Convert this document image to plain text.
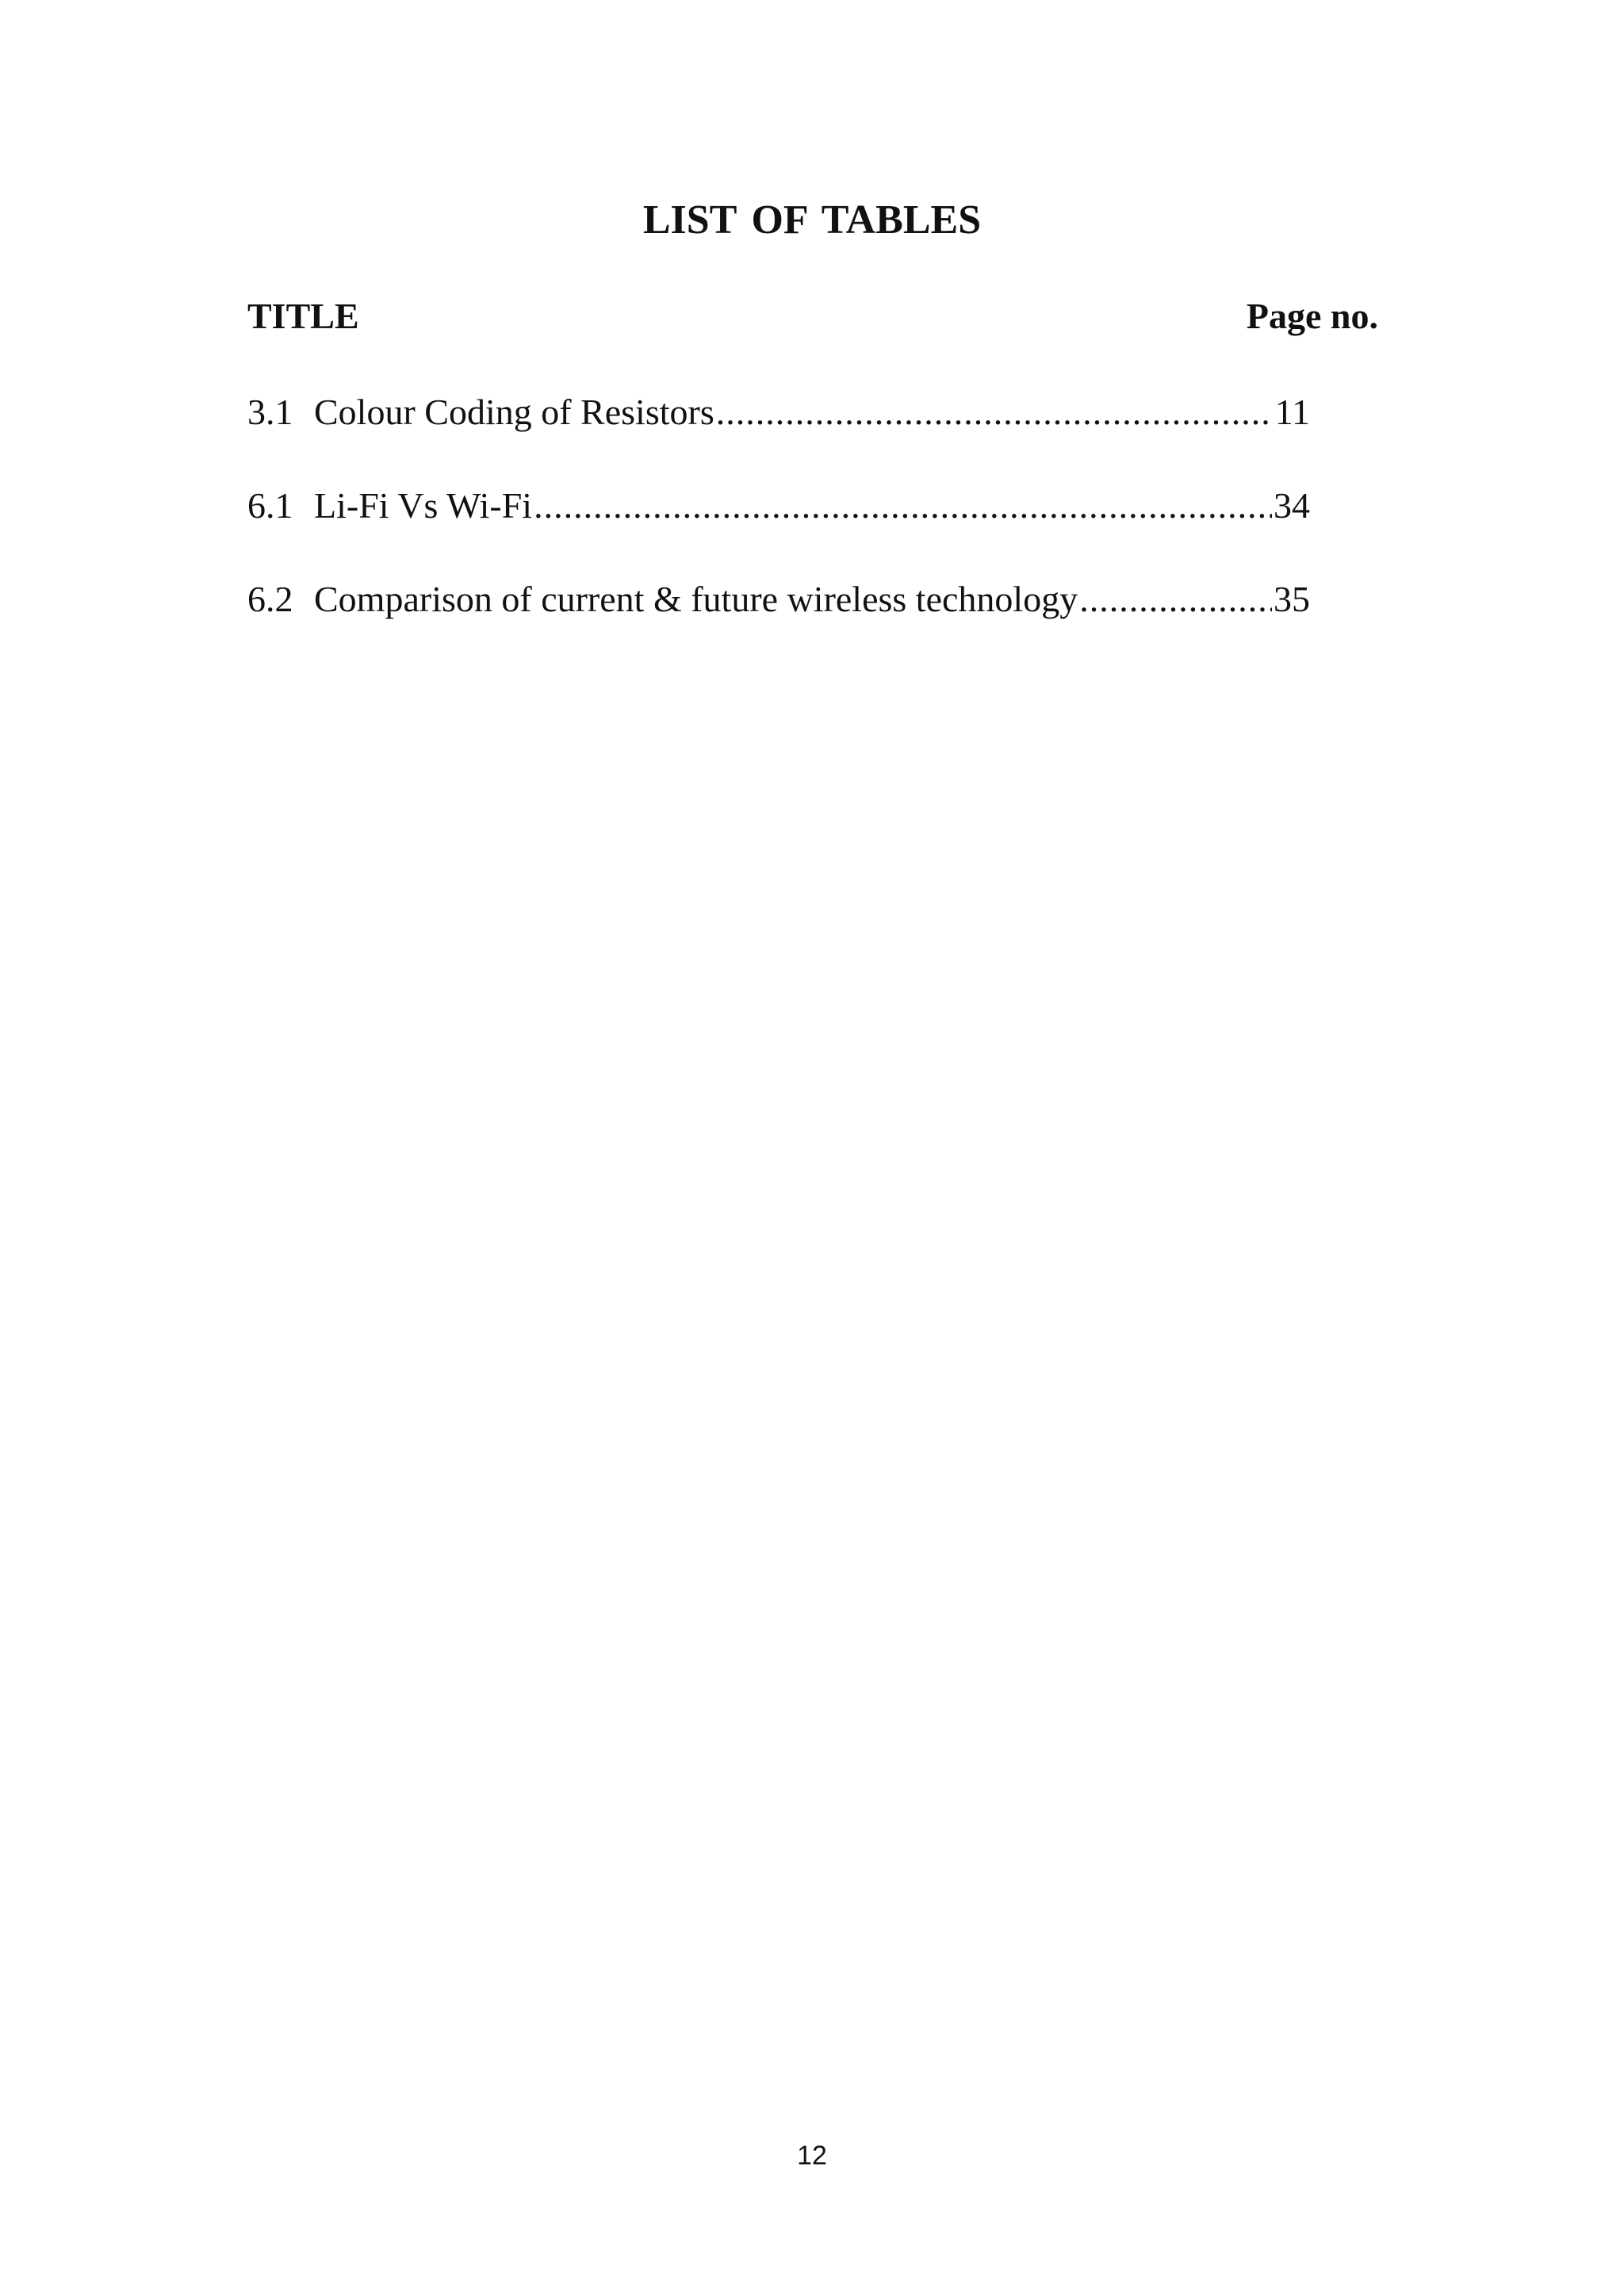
LIST OF TABLES
TITLE	Page no.
3.1 Colour Coding of Resistors .....	11
6.1 Li-Fi Vs Wi-Fi .....	34
6.2 Comparison of current & future wireless technology .....	35
12
